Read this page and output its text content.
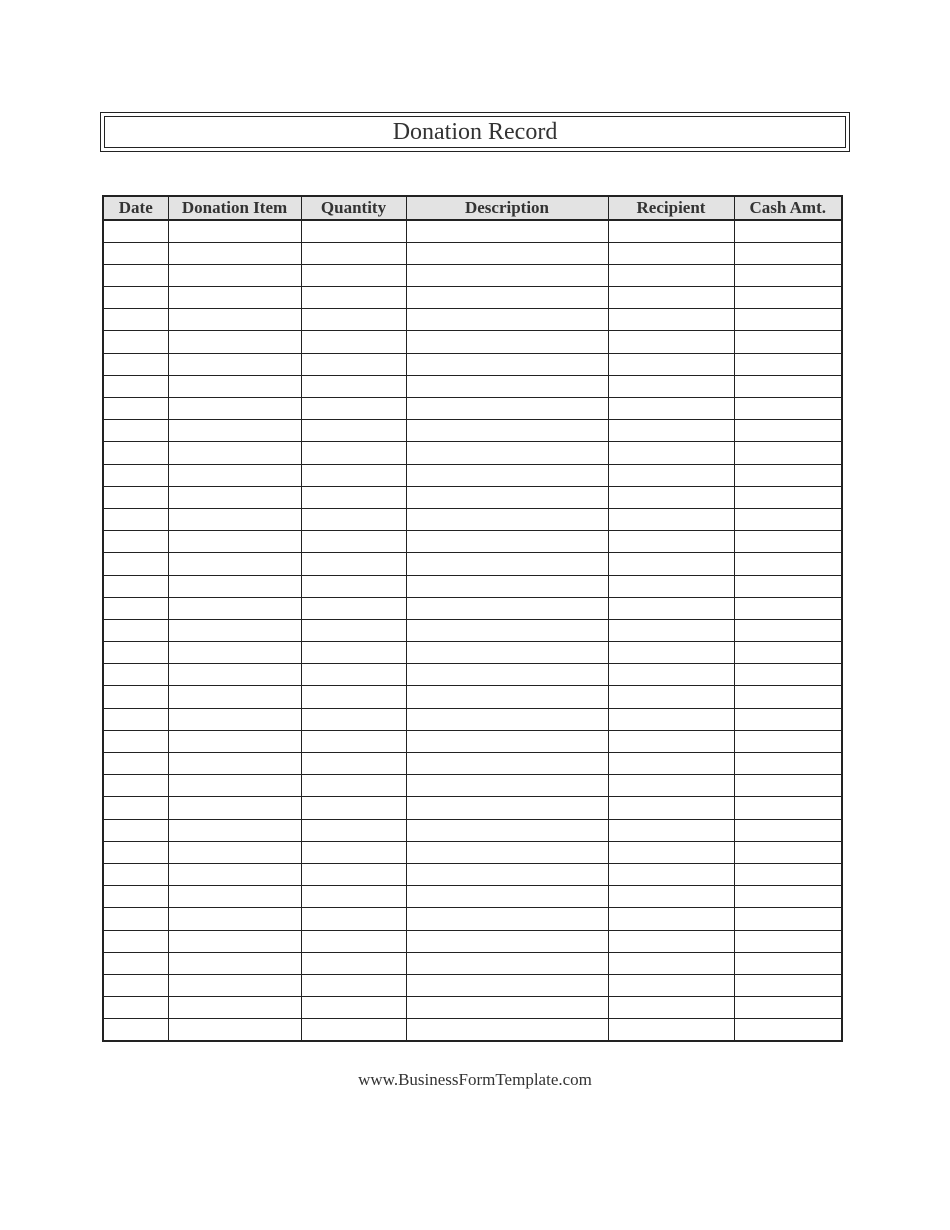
Donation Record
Date	Donation Item	Quantity	Description	Recipient	Cash Amt.

www.BusinessFormTemplate.com
